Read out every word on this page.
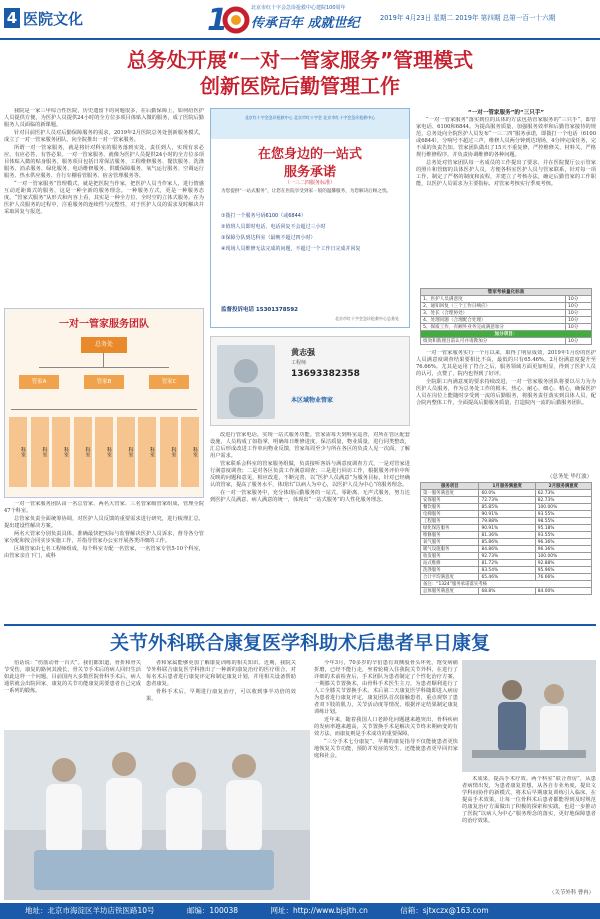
4 医院文化	1	北京市红十字会急诊抢救中心建院100周年
传承百年 成就世纪	2019年 4月23日 星期二 2019年 第四期 总第一百一十六期
总务处开展“一对一管家服务”管理模式
创新医院后勤管理工作

我院是一家三甲综合性医院，历史遗留下的问题很多，在后勤保障上，如何给医护人员提供方便，为医护人员提供24小时的全方位多项目体贴入微的服务，成了医院后勤服务人员面临的新课题。

针对目前医护人员对后勤保障服务的需求，2019年2月医院总务处创新服务模式，成立了一对一管家服务团队，向全院推出一对一管家服务。

所谓一对一管家服务，就是将针对科室的服务落到实处，责任到人，实现有求必应，有应必答，有答必果。一对一管家服务，就像为医护人员提供24小时的全方位多项目体贴入微的贴身服务。服务项目包括日常保洁服务、工程维修服务、餐饮服务、洗涤服务、消杀服务、绿化服务、电话维修服务、供暖保障服务、氧气运行服务、空调运行服务、热水供应服务、自行车棚看管服务、宿舍管理服务等。

“一对一管家服务”管理模式，就是把医院当作家，把医护人员当作家人，进行情感互动近距离式的服务，这是一种全新的服务理念。一种服务方式，更是一种服务态度。“管家式服务”从形式和内容上看，其实是一种全方位、全时空的立体式服务。在为医护人员服务的过程中，注重服务的连续性与完整性，对于医护人员的需求及时解决并采取回复与报送。

一对一管家服务团队
总务处
管家A	管家B	管家C
科室	科室	科室	科室	科室	科室	科室	科室	科室

一对一管家服务团队由一名总管家、两名大管家、三名管家级管家组成，管理全院47个科室。

总管家负责全面统筹协调，对医护人员反馈的重要需求进行研究，进行梳理汇总，提出建设性解决方案。

两名大管家分别负责具体，准确最快把实际与监督解决医护人员诉求，督导各分管家分配和按合同实步实施工作，并指导管家办公室开展各类详细的工作。

区域管家由七名工程师组成，每个科室专配一名管家，一名管家专管5-10个科室，由管家亲自下门，或科

北京红十字会急诊抢救中心 北京市红十字会 北京市红十字会急诊抢救中心
在您身边的一站式
服务承诺
（一三二四服务标准）
为您提供“一站式服务”，让您在医院享受到家一般的温馨服务，为您解决后顾之忧。
①拨打一个服务号码6100（或6844）
②值班人员即时电话、电话回复不会超过三小时
③保障分队到达科室（最晚不超过四小时）
④现场人员维修无法完成的问题，不超过一个工作日完成并回复
监督投诉电话 15301378592
北京市红十字会急诊抢救中心总务处
黄志强
工程师
13693382358
本区域物业管家

改进行管家电话，实现一站式服务功能。管家需每天到科室巡查，对所在管区配套设施，人员构成了如指掌，明确每日维修进度，保洁质量，物业质量，进行同类整改，汇总后形成改进工作单向物业反馈，管家每周至少与所在各区的负责人见一次面，了解用户需求。

管家联系会科室的管家服务组做，负责接听客诉与满意度调查方式，一是对管家进行满意度调查；二是对各区负责工作满意调查；三是进行回访工作，根据服务评价中所反映的问题和意见，相应改进，不断完善，以“医护人员满意”为服务目标，针对已经确认的管家，提高了服务水平，体现出“以病人为中心，以医护人员为中心”的服务理念。

在一对一管家服务中，充分体现后勤服务的一站式、零距离、无声式服务，努力达到医护人员满意、病人满意的统一，体现出“一站式服务”的人性化服务理念。

“一对一管家服务”的“三只手”

“一对一管家服务”落实到位的具体的方法包括管家服务的“三只手”，即管家电话、6100和6844。为提高服务质量，加强服务效率和后勤管家接待的规范，总务处向全院医护人员发布“一三二四”服务承诺，即拨打一个电话（6100或6844），分响号不超过三声，维修人员两分钟到达现场，4分钟完成任务，完不成的负责告知。管家团队做出了15天不重复修，严控维修关、材料关、严格规行维修程序，并负责协调维修的各种问题。

总务处对管家团队每一名成员的工作提出了要求，并在医院餐厅公示管家的照片和管辖的具体医护人员，方便各科室医护人员与管家联系，针对每一项工作，制定了严格的制度和流程，并建立了考核办法，确定后勤管家的工作职能，以医护人员需求为主要指标，对管家考核实行季度考核。

管家考核量化标准	
1、医护人员满意度	10分
2、通知回复（三个工作日响应）	10分
3、处长（合理协处）	10分
4、处理问题（合理配合处理）	10分
5、保质工作，有额外业务完成满意加分	10分
加分项目：	
绩效和新理目前认可并请教加分	10分

一对一管家服务实行一个月以来，取得了明显成效，2019年1月份的医护人员满意度调查结果要相比不高，最低的只有65.46%。2月份满意度提升至76.66%。尤其是运用了符合之后，服务领域方面更加明显，得到了医护人员的认可，点赞了，院内也得到了好评。

全院职工内满意度的要求持续改进，一对一管家服务团队将要以尽力为为医护人员服务，作为总务处工作的根本，热心、耐心、细心、精心，确保医护人员在岗位上能随时享受到一流的后勤服务，将服务责任落实到具体人员，配合院内整体工作，全面提高后勤服务质量，打造院内一流的后勤服务团队。

（总务处 毕红波）
服务项目	1月服务满意度	2月服务满意度
第一服务满意度	60.0%	62.73%
安保服务	72.73%	82.73%
餐饮服务	85.85%	100.00%
电梯服务	90.91%	93.55%
工程服务	79.88%	98.55%
绿化保洁服务	90.91%	95.18%
维修服务	81.36%	93.55%
氧气服务	85.86%	96.36%
暖气设施服务	84.86%	96.36%
收发服务	92.73%	100.00%
站式维修	81.72%	92.88%
洗涤服务	83.54%	95.96%
合计平均满意度	65.46%	76.66%
备注：“1324”服务承诺落实考核		
总体服务满意度	68.8%	84.00%
关节外科联合康复医学科助术后患者早日康复

俗话说：“伤筋动骨一百天”。我们都知道，骨折和骨关节受伤，康复的路何其漫长，骨关节手术后的病人回归生活如此这样一个问题，目前国内大多数医院骨科手术后，病人通常就会出院回家，康复的关节功能康复需要患者自己完成一系列的锻炼。

者和家属能够更加了解康复训练的相关知识。近期，我院关节外科联合康复医学科推出了一种新的康复治疗的医疗组合，对每名术后患者进行康复评定和制定康复计划，并用相关设备帮助患者康复。

骨科手术后，早期进行康复治疗，可以收到事半功倍的效果。

今年3月，70多岁的辛伯患有双侧股骨头坏死，饱受病痛折磨，已经不能行走，坐着轮椅入住我院关节外科，在进行了详细的术前检查后，手术团队为患者制定了个性化治疗方案，一期膝关节置换术，由骨科手术医生主刀，为患者顺利进行了人工全膝关节置换手术。术后第二天康复医学科随即进入病房为患者进行康复评定，康复团队首次接触患者，重点观察了患者双下肢的肌力，关节活动度等情况，根据评定结果制定康复训练计划。

近年来，随着我国人口老龄化问题越来越突出，骨科疾病的发病率越来越高，关节置换手术是解决关节终末期病变的有效方法，而康复则是手术成功的重要保障。

“三分手术七分康复”。早期的康复指导不仅能使患者更快地恢复关节功能，预防并发症的发生，还能使患者更早回归家庭和社会。

术成果，提高手术疗效。两个科室“联合查房”，从患者病情出发，为患者康复着想，从各自专业角度，提出文学科间协作的新模式，将术后早期康复训练引入临床，在提高手术效果，让每一位骨科术后患者都能得到及时规范的康复治疗方面做出了积极的探索和实践，也进一步推动了医院“以病人为中心”服务理念的落实，更好地保障患者的治疗效果。

（关节外科 曹冉）
地址：北京市海淀区羊坊店铁医路10号	邮编：100038	网址：http://www.bjsjth.cn	信箱：sjtxczx@163.com
